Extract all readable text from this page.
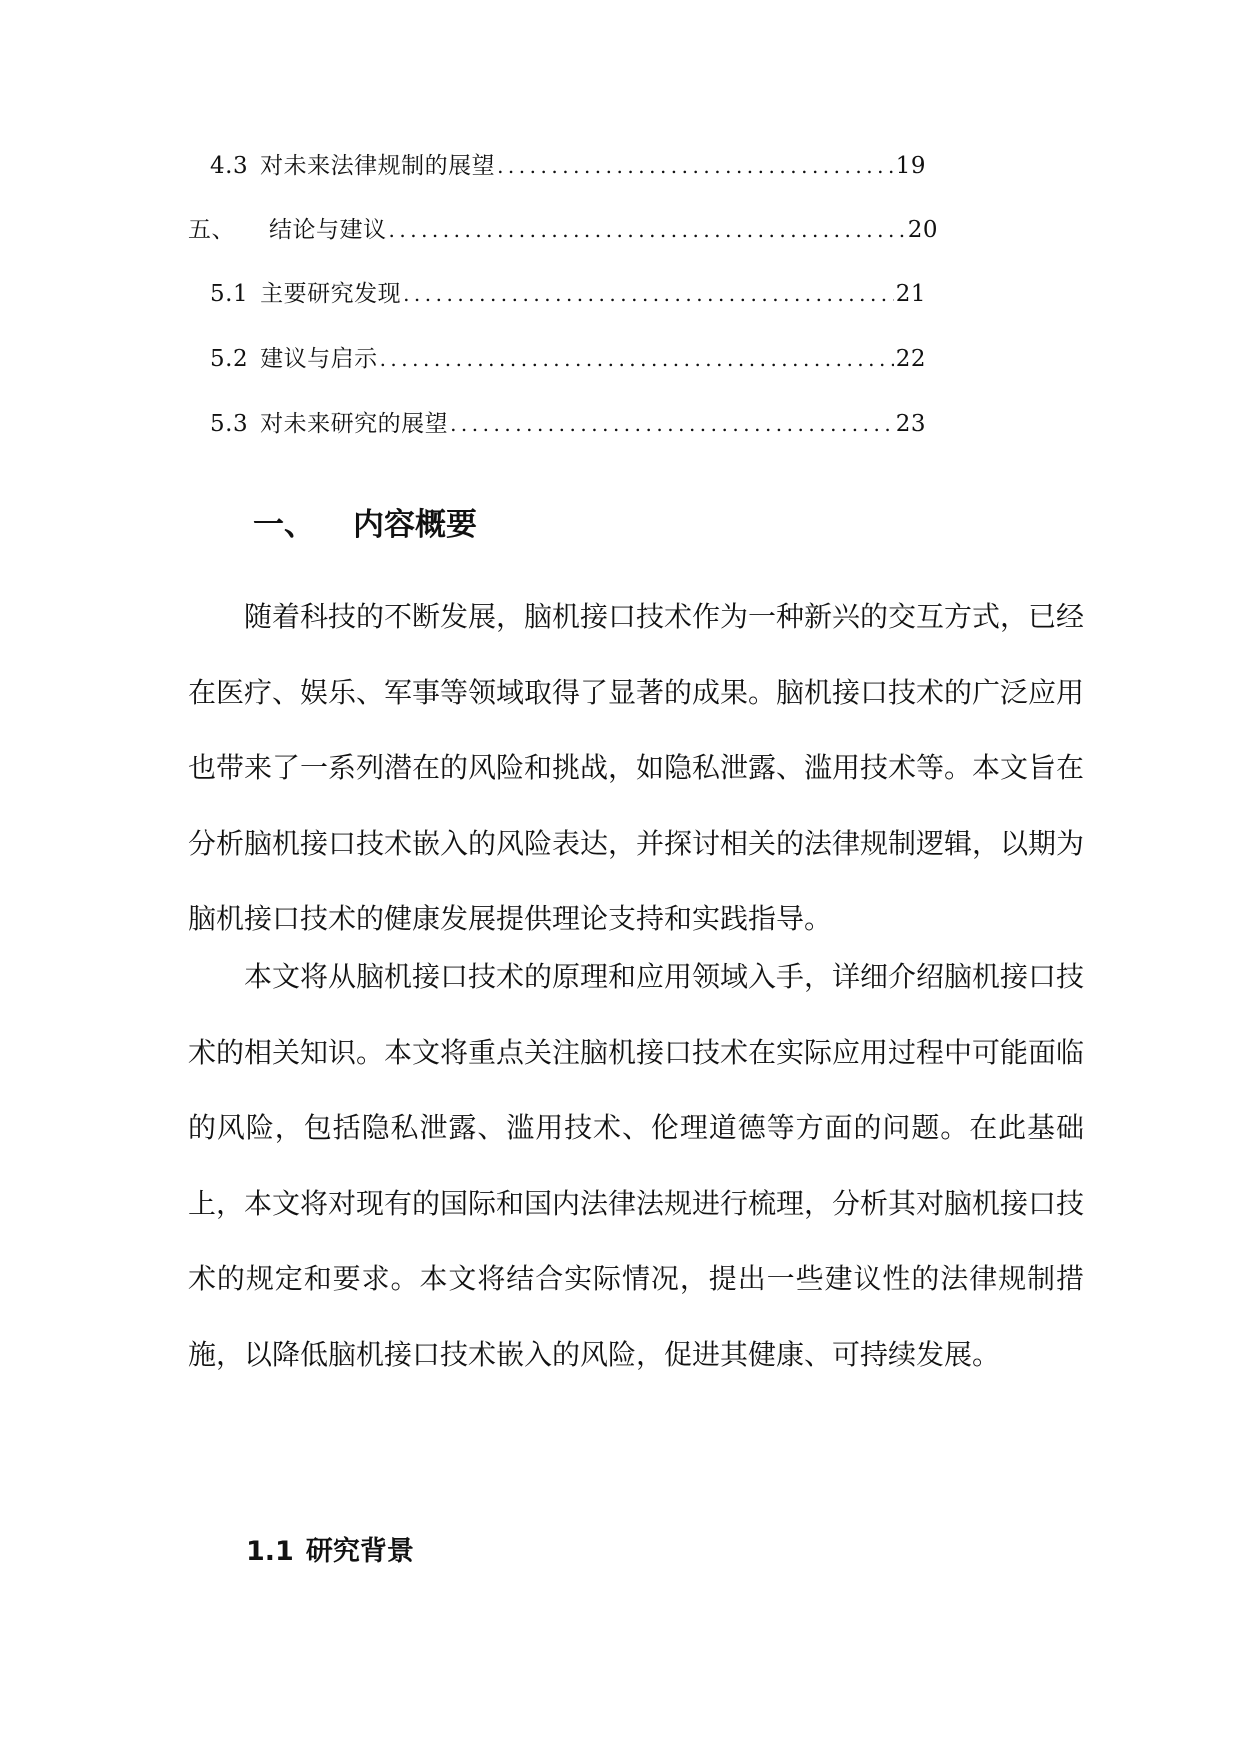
4.3 对未来法律规制的展望 .....	19
五、 结论与建议 .....	20
5.1 主要研究发现 .....	21
5.2 建议与启示 .....	22
5.3 对未来研究的展望 .....	23
一、 内容概要

随着科技的不断发展，脑机接口技术作为一种新兴的交互方式，已经在医疗、娱乐、军事等领域取得了显著的成果。脑机接口技术的广泛应用也带来了一系列潜在的风险和挑战，如隐私泄露、滥用技术等。本文旨在分析脑机接口技术嵌入的风险表达，并探讨相关的法律规制逻辑，以期为脑机接口技术的健康发展提供理论支持和实践指导。

本文将从脑机接口技术的原理和应用领域入手，详细介绍脑机接口技术的相关知识。本文将重点关注脑机接口技术在实际应用过程中可能面临的风险，包括隐私泄露、滥用技术、伦理道德等方面的问题。在此基础上，本文将对现有的国际和国内法律法规进行梳理，分析其对脑机接口技术的规定和要求。本文将结合实际情况，提出一些建议性的法律规制措施，以降低脑机接口技术嵌入的风险，促进其健康、可持续发展。

1.1 研究背景
